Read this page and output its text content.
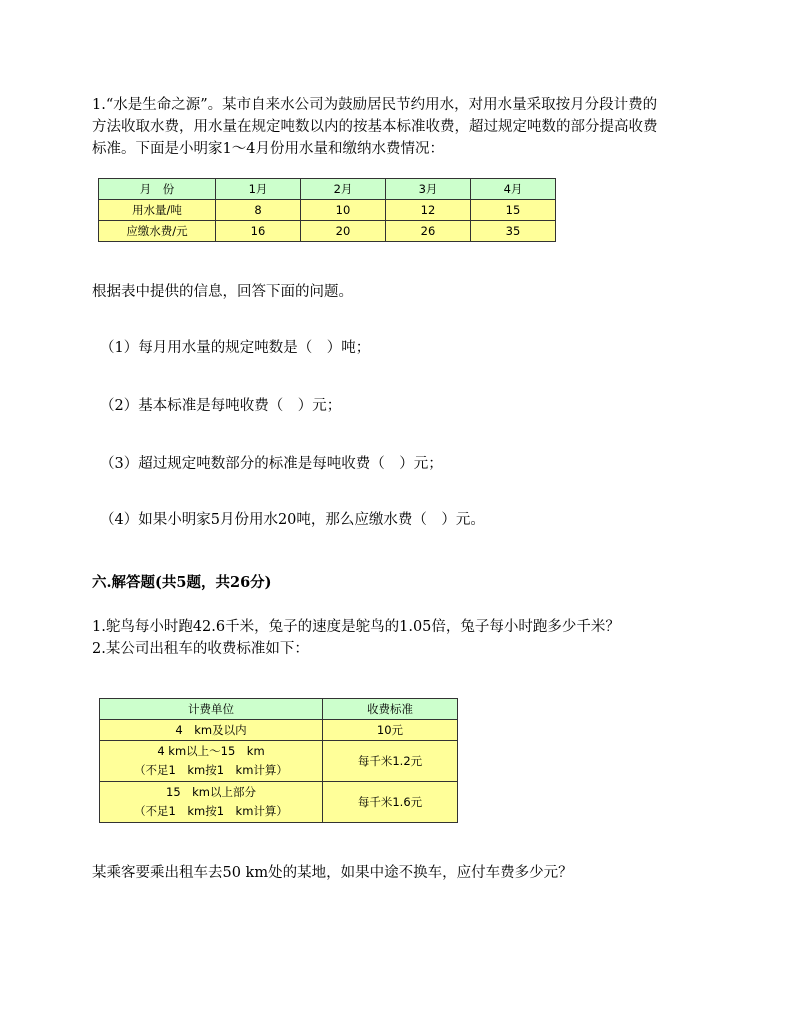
1.“水是生命之源”。某市自来水公司为鼓励居民节约用水，对用水量采取按月分段计费的
方法收取水费，用水量在规定吨数以内的按基本标准收费，超过规定吨数的部分提高收费
标准。下面是小明家1～4月份用水量和缴纳水费情况：
月　份	1月	2月	3月	4月
用水量/吨	8	10	12	15
应缴水费/元	16	20	26	35
根据表中提供的信息，回答下面的问题。
（1）每月用水量的规定吨数是（　）吨；
（2）基本标准是每吨收费（　）元；
（3）超过规定吨数部分的标准是每吨收费（　）元；
（4）如果小明家5月份用水20吨，那么应缴水费（　）元。
六.解答题(共5题，共26分)
1.鸵鸟每小时跑42.6千米，兔子的速度是鸵鸟的1.05倍，兔子每小时跑多少千米？
2.某公司出租车的收费标准如下：
计费单位	收费标准

4　km及以内	10元

4 km以上～15　km
（不足1　km按1　km计算）	每千米1.2元

15　km以上部分
（不足1　km按1　km计算）	每千米1.6元
某乘客要乘出租车去50 km处的某地，如果中途不换车，应付车费多少元？
